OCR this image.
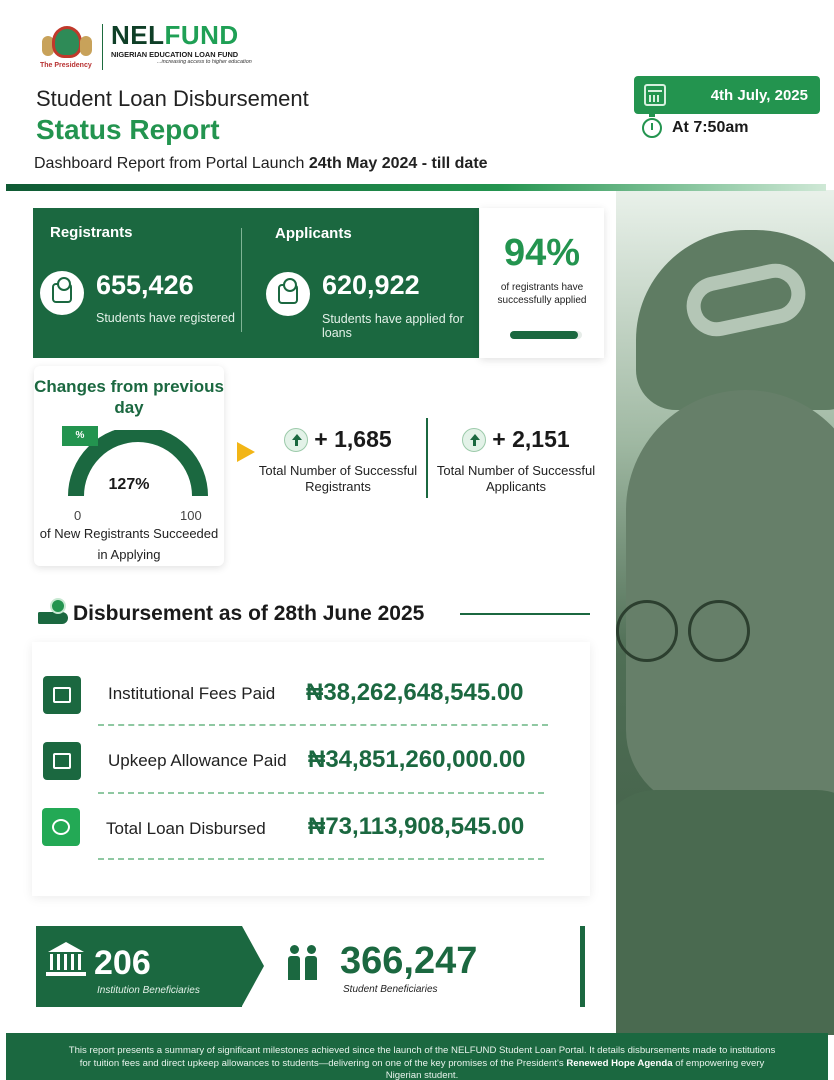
The Presidency
NELFUND
NIGERIAN EDUCATION LOAN FUND
...increasing access to higher education
Student Loan Disbursement
Status Report
Dashboard Report from Portal Launch 24th May 2024 - till date
4th July, 2025
At 7:50am
Registrants
655,426
Students have registered
Applicants
620,922
Students have applied for loans
94%
of registrants have successfully applied
Changes from previous day
%
127%
0	100
of New Registrants Succeeded in Applying
+ 1,685
Total Number of Successful Registrants
+ 2,151
Total Number of Successful Applicants
Disbursement as of 28th June 2025
Institutional Fees Paid ₦38,262,648,545.00
Upkeep Allowance Paid ₦34,851,260,000.00
Total Loan Disbursed ₦73,113,908,545.00
206
Institution Beneficiaries
366,247
Student Beneficiaries
This report presents a summary of significant milestones achieved since the launch of the NELFUND Student Loan Portal. It details disbursements made to institutions for tuition fees and direct upkeep allowances to students—delivering on one of the key promises of the President's Renewed Hope Agenda of empowering every Nigerian student.
